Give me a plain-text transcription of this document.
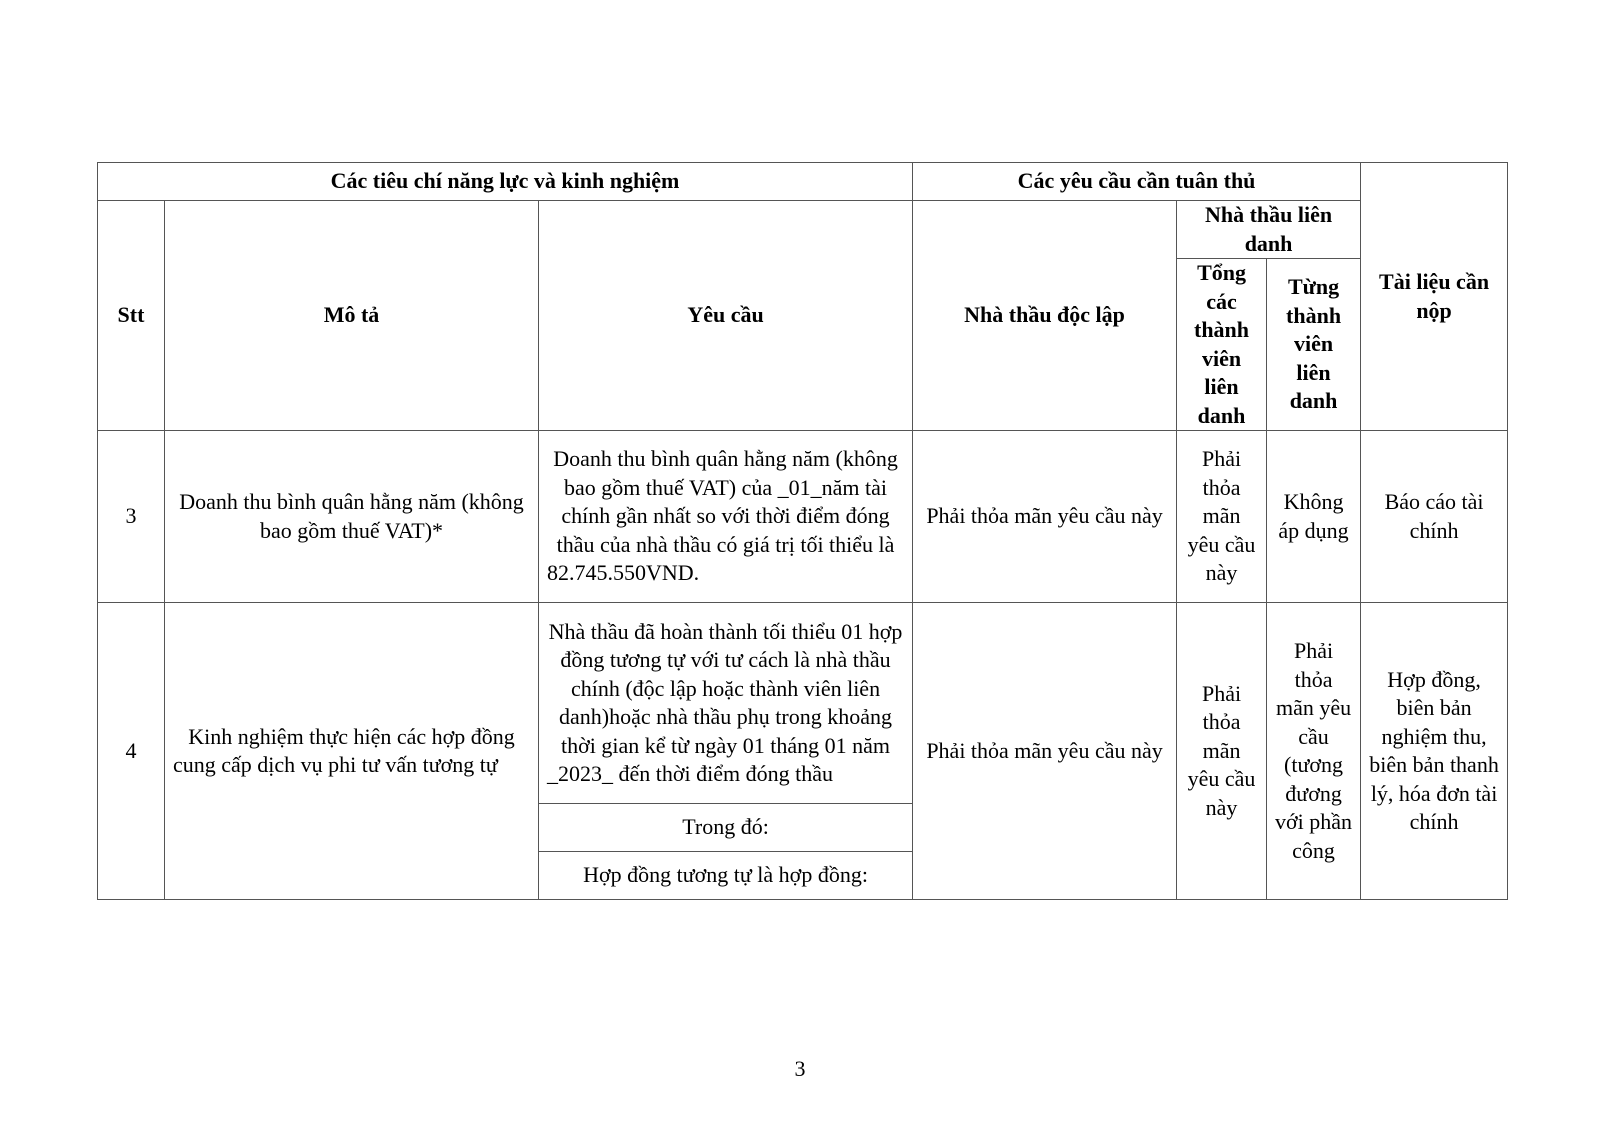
Các tiêu chí năng lực và kinh nghiệm			Các yêu cầu cần tuân thủ			Tài liệu cần nộp
Stt	Mô tả	Yêu cầu	Nhà thầu độc lập	Nhà thầu liên danh		
				Tổng các thành viên liên danh	Từng thành viên liên danh	
3	Doanh thu bình quân hằng năm (không bao gồm thuế VAT)*	Doanh thu bình quân hằng năm (không bao gồm thuế VAT) của _01_năm tài chính gần nhất so với thời điểm đóng thầu của nhà thầu có giá trị tối thiểu là 82.745.550VND.	Phải thỏa mãn yêu cầu này	Phải thỏa mãn yêu cầu này	Không áp dụng	Báo cáo tài chính
4	Kinh nghiệm thực hiện các hợp đồng cung cấp dịch vụ phi tư vấn tương tự	Nhà thầu đã hoàn thành tối thiểu 01 hợp đồng tương tự với tư cách là nhà thầu chính (độc lập hoặc thành viên liên danh)hoặc nhà thầu phụ trong khoảng thời gian kể từ ngày 01 tháng 01 năm _2023_ đến thời điểm đóng thầu	Phải thỏa mãn yêu cầu này	Phải thỏa mãn yêu cầu này	Phải thỏa mãn yêu cầu (tương đương với phần công	Hợp đồng, biên bản nghiệm thu, biên bản thanh lý, hóa đơn tài chính
		Trong đó:				
		Hợp đồng tương tự là hợp đồng:				
3
